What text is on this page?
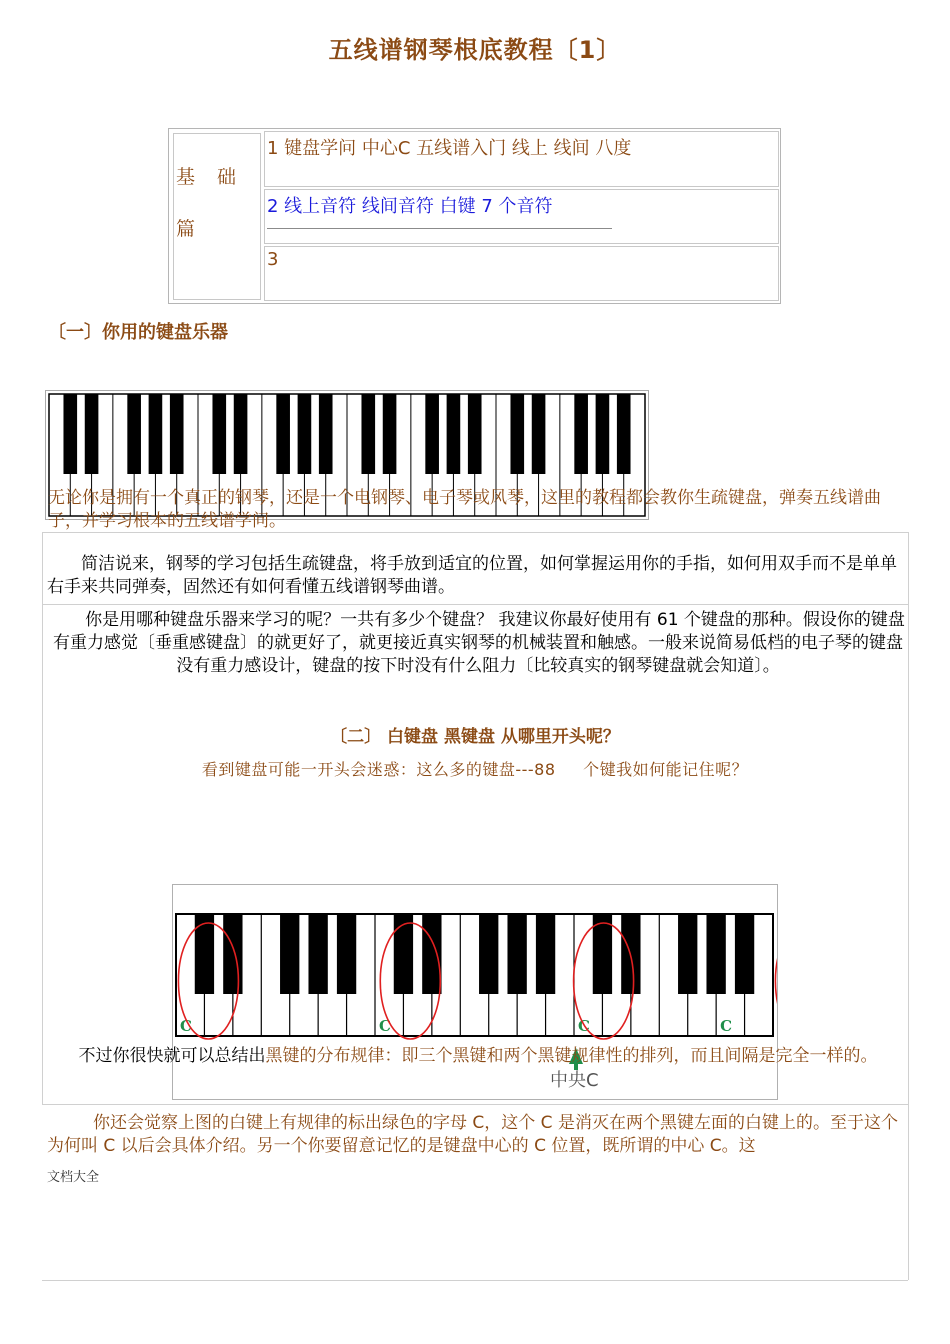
五线谱钢琴根底教程〔1〕
基 础
篇
1 键盘学问 中心C 五线谱入门 线上 线间 八度
2 线上音符 线间音符 白键 7 个音符
3
〔一〕你用的键盘乐器
无论你是拥有一个真正的钢琴，还是一个电钢琴、电子琴或风琴，这里的教程都会教你生疏键盘，弹奏五线谱曲子，并学习根本的五线谱学问。
简洁说来，钢琴的学习包括生疏键盘，将手放到适宜的位置，如何掌握运用你的手指，如何用双手而不是单单右手来共同弹奏，固然还有如何看懂五线谱钢琴曲谱。
你是用哪种键盘乐器来学习的呢？一共有多少个键盘？ 我建议你最好使用有 61 个键盘的那种。假设你的键盘有重力感觉〔垂重感键盘〕的就更好了，就更接近真实钢琴的机械装置和触感。一般来说简易低档的电子琴的键盘没有重力感设计，键盘的按下时没有什么阻力〔比较真实的钢琴键盘就会知道〕。
〔二〕 白键盘 黑键盘 从哪里开头呢？
看到键盘可能一开头会迷惑：这么多的键盘---88 　 个键我如何能记住呢？
C	C	C	C
中央C
不过你很快就可以总结出黑键的分布规律：即三个黑键和两个黑键规律性的排列，而且间隔是完全一样的。
你还会觉察上图的白键上有规律的标出绿色的字母 C，这个 C 是消灭在两个黑键左面的白键上的。至于这个为何叫 C 以后会具体介绍。另一个你要留意记忆的是键盘中心的 C 位置，既所谓的中心 C。这
文档大全
